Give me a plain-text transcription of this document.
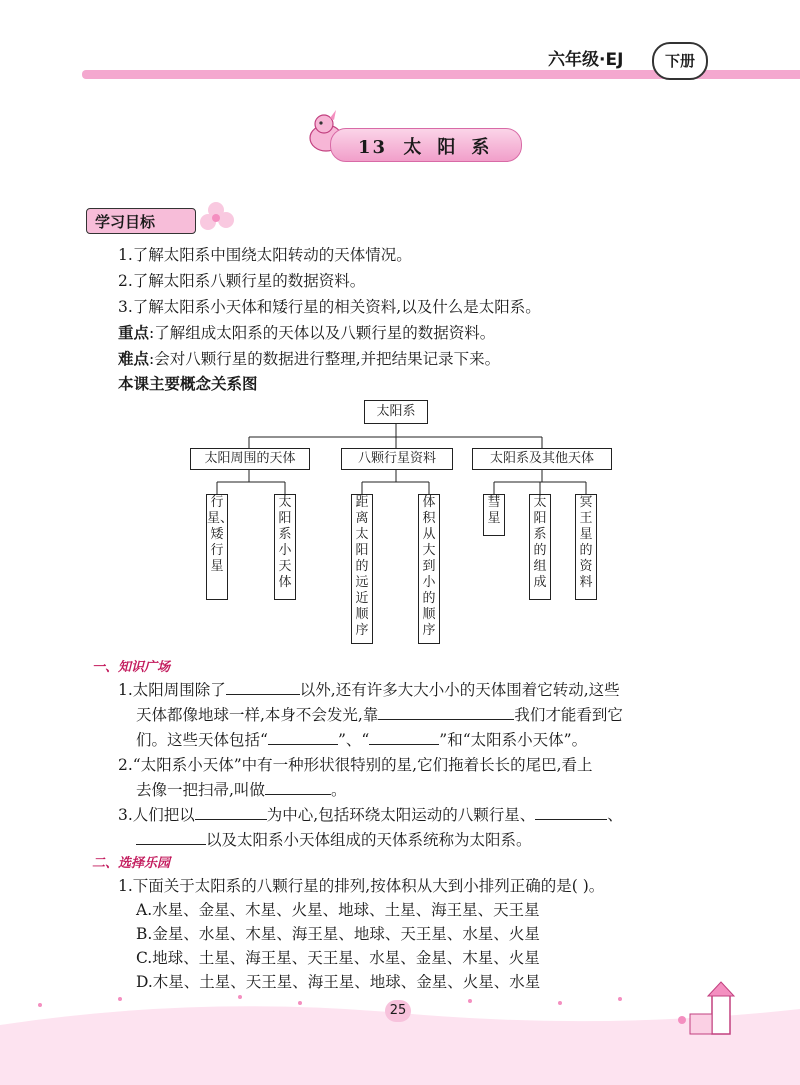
六年级·EJ	下册
13 太阳系
学习目标
1.了解太阳系中围绕太阳转动的天体情况。
2.了解太阳系八颗行星的数据资料。
3.了解太阳系小天体和矮行星的相关资料,以及什么是太阳系。
重点:了解组成太阳系的天体以及八颗行星的数据资料。
难点:会对八颗行星的数据进行整理,并把结果记录下来。
本课主要概念关系图
太阳系
太阳周围的天体	八颗行星资料	太阳系及其他天体
行星、矮行星
太阳系小天体
距离太阳的远近顺序
体积从大到小的顺序
彗星
太阳系的组成
冥王星的资料
一、知识广场
1.太阳周围除了	以外,还有许多大大小小的天体围着它转动,这些
天体都像地球一样,本身不会发光,靠	我们才能看到它
们。这些天体包括“	”、“	”和“太阳系小天体”。
2.“太阳系小天体”中有一种形状很特别的星,它们拖着长长的尾巴,看上
去像一把扫帚,叫做	。
3.人们把以	为中心,包括环绕太阳运动的八颗行星、	、
以及太阳系小天体组成的天体系统称为太阳系。
二、选择乐园
1.下面关于太阳系的八颗行星的排列,按体积从大到小排列正确的是( )。
A.水星、金星、木星、火星、地球、土星、海王星、天王星
B.金星、水星、木星、海王星、地球、天王星、水星、火星
C.地球、土星、海王星、天王星、水星、金星、木星、火星
D.木星、土星、天王星、海王星、地球、金星、火星、水星
25
